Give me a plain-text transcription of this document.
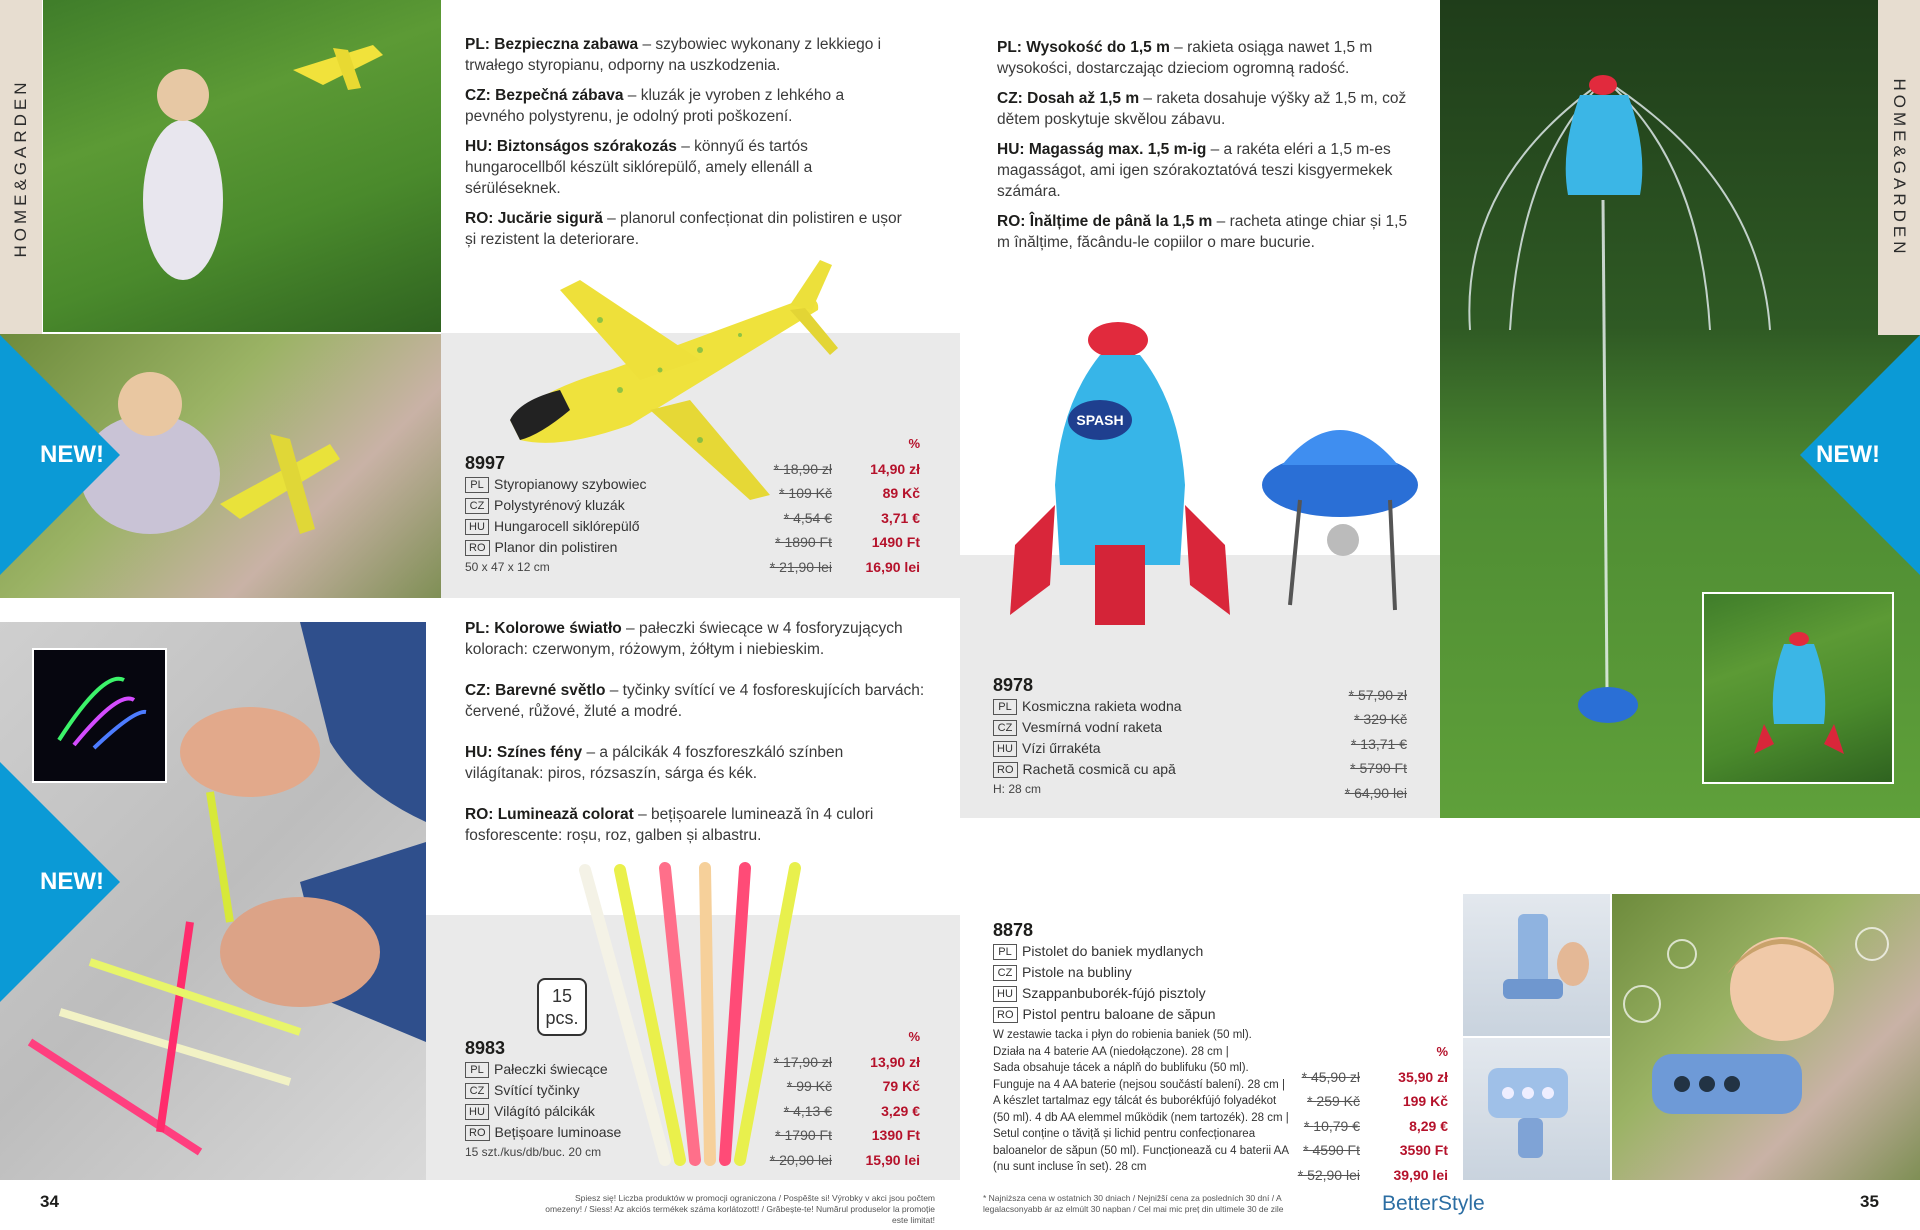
HOME&GARDEN
NEW!

PL: Bezpieczna zabawa – szybowiec wykonany z lekkiego i trwałego styropianu, odporny na uszkodzenia.

CZ: Bezpečná zábava – kluzák je vyroben z lehkého a pevného polystyrenu, je odolný proti poškození.

HU: Biztonságos szórakozás – könnyű és tartós hungarocellből készült siklórepülő, amely ellenáll a sérüléseknek.

RO: Jucărie sigură – planorul confecționat din polistiren e ușor și rezistent la deteriorare.

8997
PL Styropianowy szybowiec
CZ Polystyrénový kluzák
HU Hungarocell siklórepülő
RO Planor din polistiren
50 x 47 x 12 cm
%
* 18,90 zł	14,90 zł
* 109 Kč	89 Kč
* 4,54 €	3,71 €
* 1890 Ft	1490 Ft
* 21,90 lei	16,90 lei
NEW!

PL: Kolorowe światło – pałeczki świecące w 4 fosforyzujących kolorach: czerwonym, różowym, żółtym i niebieskim.

CZ: Barevné světlo – tyčinky svítící ve 4 fosforeskujících barvách: červené, růžové, žluté a modré.

HU: Színes fény – a pálcikák 4 foszforeszkáló színben világítanak: piros, rózsaszín, sárga és kék.

RO: Luminează colorat – bețișoarele luminează în 4 culori fosforescente: roșu, roz, galben și albastru.

15
pcs.
8983
PL Pałeczki świecące
CZ Svítící tyčinky
HU Világító pálcikák
RO Bețișoare luminoase
15 szt./kus/db/buc. 20 cm
%
* 17,90 zł	13,90 zł
* 99 Kč	79 Kč
* 4,13 €	3,29 €
* 1790 Ft	1390 Ft
* 20,90 lei	15,90 lei

PL: Wysokość do 1,5 m – rakieta osiąga nawet 1,5 m wysokości, dostarczając dzieciom ogromną radość.

CZ: Dosah až 1,5 m – raketa dosahuje výšky až 1,5 m, což dětem poskytuje skvělou zábavu.

HU: Magasság max. 1,5 m-ig – a rakéta eléri a 1,5 m-es magasságot, ami igen szórakoztatóvá teszi kisgyermekek számára.

RO: Înălțime de până la 1,5 m – racheta atinge chiar și 1,5 m înălțime, făcându-le copiilor o mare bucurie.

SPASH
8978
PL Kosmiczna rakieta wodna
CZ Vesmírná vodní raketa
HU Vízi űrrakéta
RO Rachetă cosmică cu apă
H: 28 cm
* 57,90 zł
* 329 Kč
* 13,71 €
* 5790 Ft
* 64,90 lei
HOME&GARDEN
NEW!
8878
PL Pistolet do baniek mydlanych
CZ Pistole na bubliny
HU Szappanbuborék-fújó pisztoly
RO Pistol pentru baloane de săpun
W zestawie tacka i płyn do robienia baniek (50 ml).
Działa na 4 baterie AA (niedołączone). 28 cm |
Sada obsahuje tácek a náplň do bublifuku (50 ml).
Funguje na 4 AA baterie (nejsou součástí balení). 28 cm |
A készlet tartalmaz egy tálcát és buborékfújó folyadékot
(50 ml). 4 db AA elemmel működik (nem tartozék). 28 cm |
Setul conține o tăviță și lichid pentru confecționarea
baloanelor de săpun (50 ml). Funcționează cu 4 baterii AA
(nu sunt incluse în set). 28 cm
%
* 45,90 zł	35,90 zł
* 259 Kč	199 Kč
* 10,79 €	8,29 €
* 4590 Ft	3590 Ft
* 52,90 lei	39,90 lei
34	Spiesz się! Liczba produktów w promocji ograniczona / Pospěšte si! Výrobky v akci jsou počtem omezeny! / Siess! Az akciós termékek száma korlátozott! / Grăbește-te! Numărul produselor la promoție este limitat!
* Najniższa cena w ostatnich 30 dniach / Nejnižší cena za posledních 30 dní / A legalacsonyabb ár az elmúlt 30 napban / Cel mai mic preț din ultimele 30 de zile	BetterStyle	35
